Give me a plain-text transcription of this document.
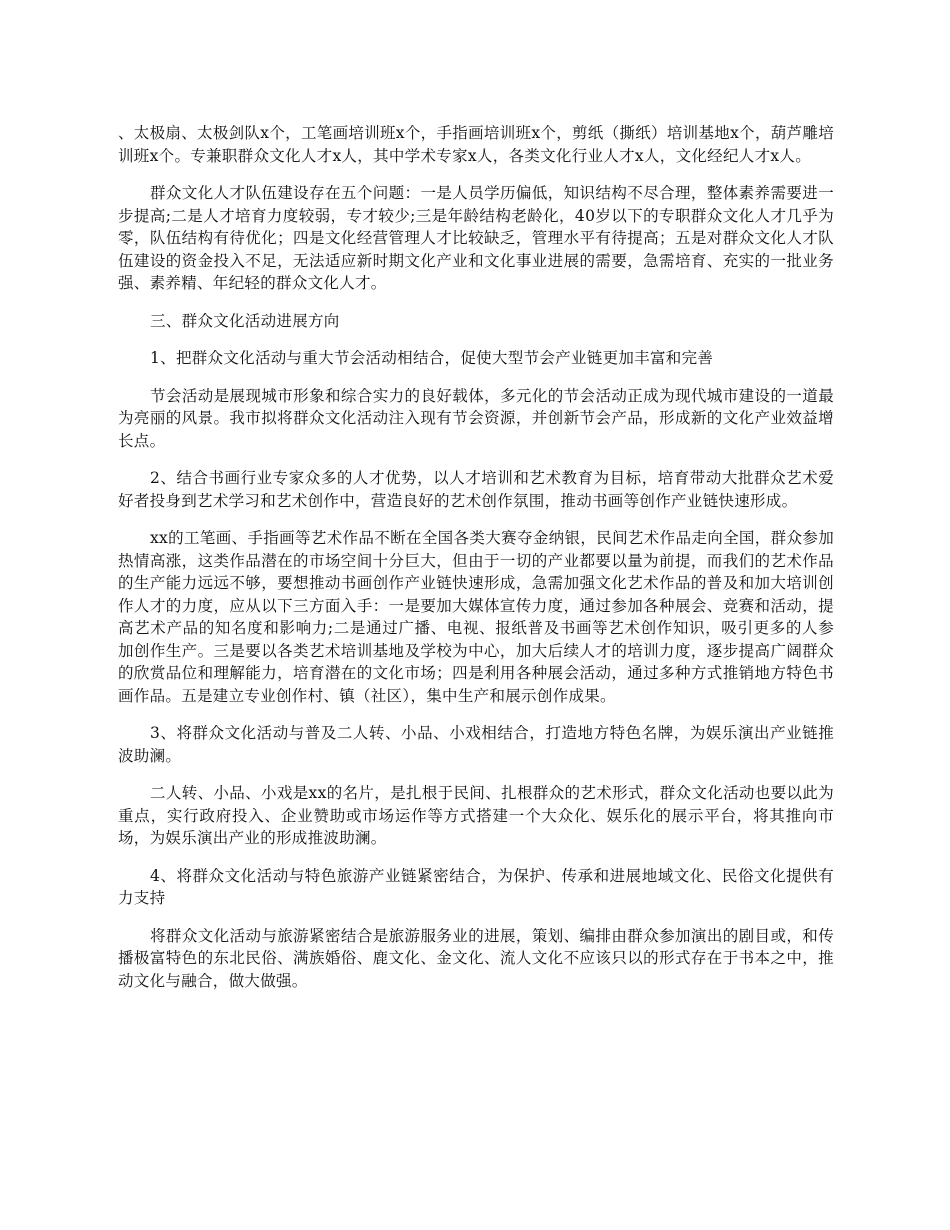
、太极扇、太极剑队x个，工笔画培训班x个，手指画培训班x个，剪纸（撕纸）培训基地x个，葫芦雕培训班x个。专兼职群众文化人才x人，其中学术专家x人，各类文化行业人才x人，文化经纪人才x人。

群众文化人才队伍建设存在五个问题：一是人员学历偏低，知识结构不尽合理，整体素养需要进一步提高;二是人才培育力度较弱，专才较少;三是年龄结构老龄化，40岁以下的专职群众文化人才几乎为零，队伍结构有待优化；四是文化经营管理人才比较缺乏，管理水平有待提高；五是对群众文化人才队伍建设的资金投入不足，无法适应新时期文化产业和文化事业进展的需要，急需培育、充实的一批业务强、素养精、年纪轻的群众文化人才。

三、群众文化活动进展方向

1、把群众文化活动与重大节会活动相结合，促使大型节会产业链更加丰富和完善

节会活动是展现城市形象和综合实力的良好载体，多元化的节会活动正成为现代城市建设的一道最为亮丽的风景。我市拟将群众文化活动注入现有节会资源，并创新节会产品，形成新的文化产业效益增长点。

2、结合书画行业专家众多的人才优势，以人才培训和艺术教育为目标，培育带动大批群众艺术爱好者投身到艺术学习和艺术创作中，营造良好的艺术创作氛围，推动书画等创作产业链快速形成。

xx的工笔画、手指画等艺术作品不断在全国各类大赛夺金纳银，民间艺术作品走向全国，群众参加热情高涨，这类作品潜在的市场空间十分巨大，但由于一切的产业都要以量为前提，而我们的艺术作品的生产能力远远不够，要想推动书画创作产业链快速形成，急需加强文化艺术作品的普及和加大培训创作人才的力度，应从以下三方面入手：一是要加大媒体宣传力度，通过参加各种展会、竞赛和活动，提高艺术产品的知名度和影响力;二是通过广播、电视、报纸普及书画等艺术创作知识，吸引更多的人参加创作生产。三是要以各类艺术培训基地及学校为中心，加大后续人才的培训力度，逐步提高广阔群众的欣赏品位和理解能力，培育潜在的文化市场；四是利用各种展会活动，通过多种方式推销地方特色书画作品。五是建立专业创作村、镇（社区），集中生产和展示创作成果。

3、将群众文化活动与普及二人转、小品、小戏相结合，打造地方特色名牌，为娱乐演出产业链推波助澜。

二人转、小品、小戏是xx的名片，是扎根于民间、扎根群众的艺术形式，群众文化活动也要以此为重点，实行政府投入、企业赞助或市场运作等方式搭建一个大众化、娱乐化的展示平台，将其推向市场，为娱乐演出产业的形成推波助澜。

4、将群众文化活动与特色旅游产业链紧密结合，为保护、传承和进展地域文化、民俗文化提供有力支持

将群众文化活动与旅游紧密结合是旅游服务业的进展，策划、编排由群众参加演出的剧目或，和传播极富特色的东北民俗、满族婚俗、鹿文化、金文化、流人文化不应该只以的形式存在于书本之中，推动文化与融合，做大做强。
